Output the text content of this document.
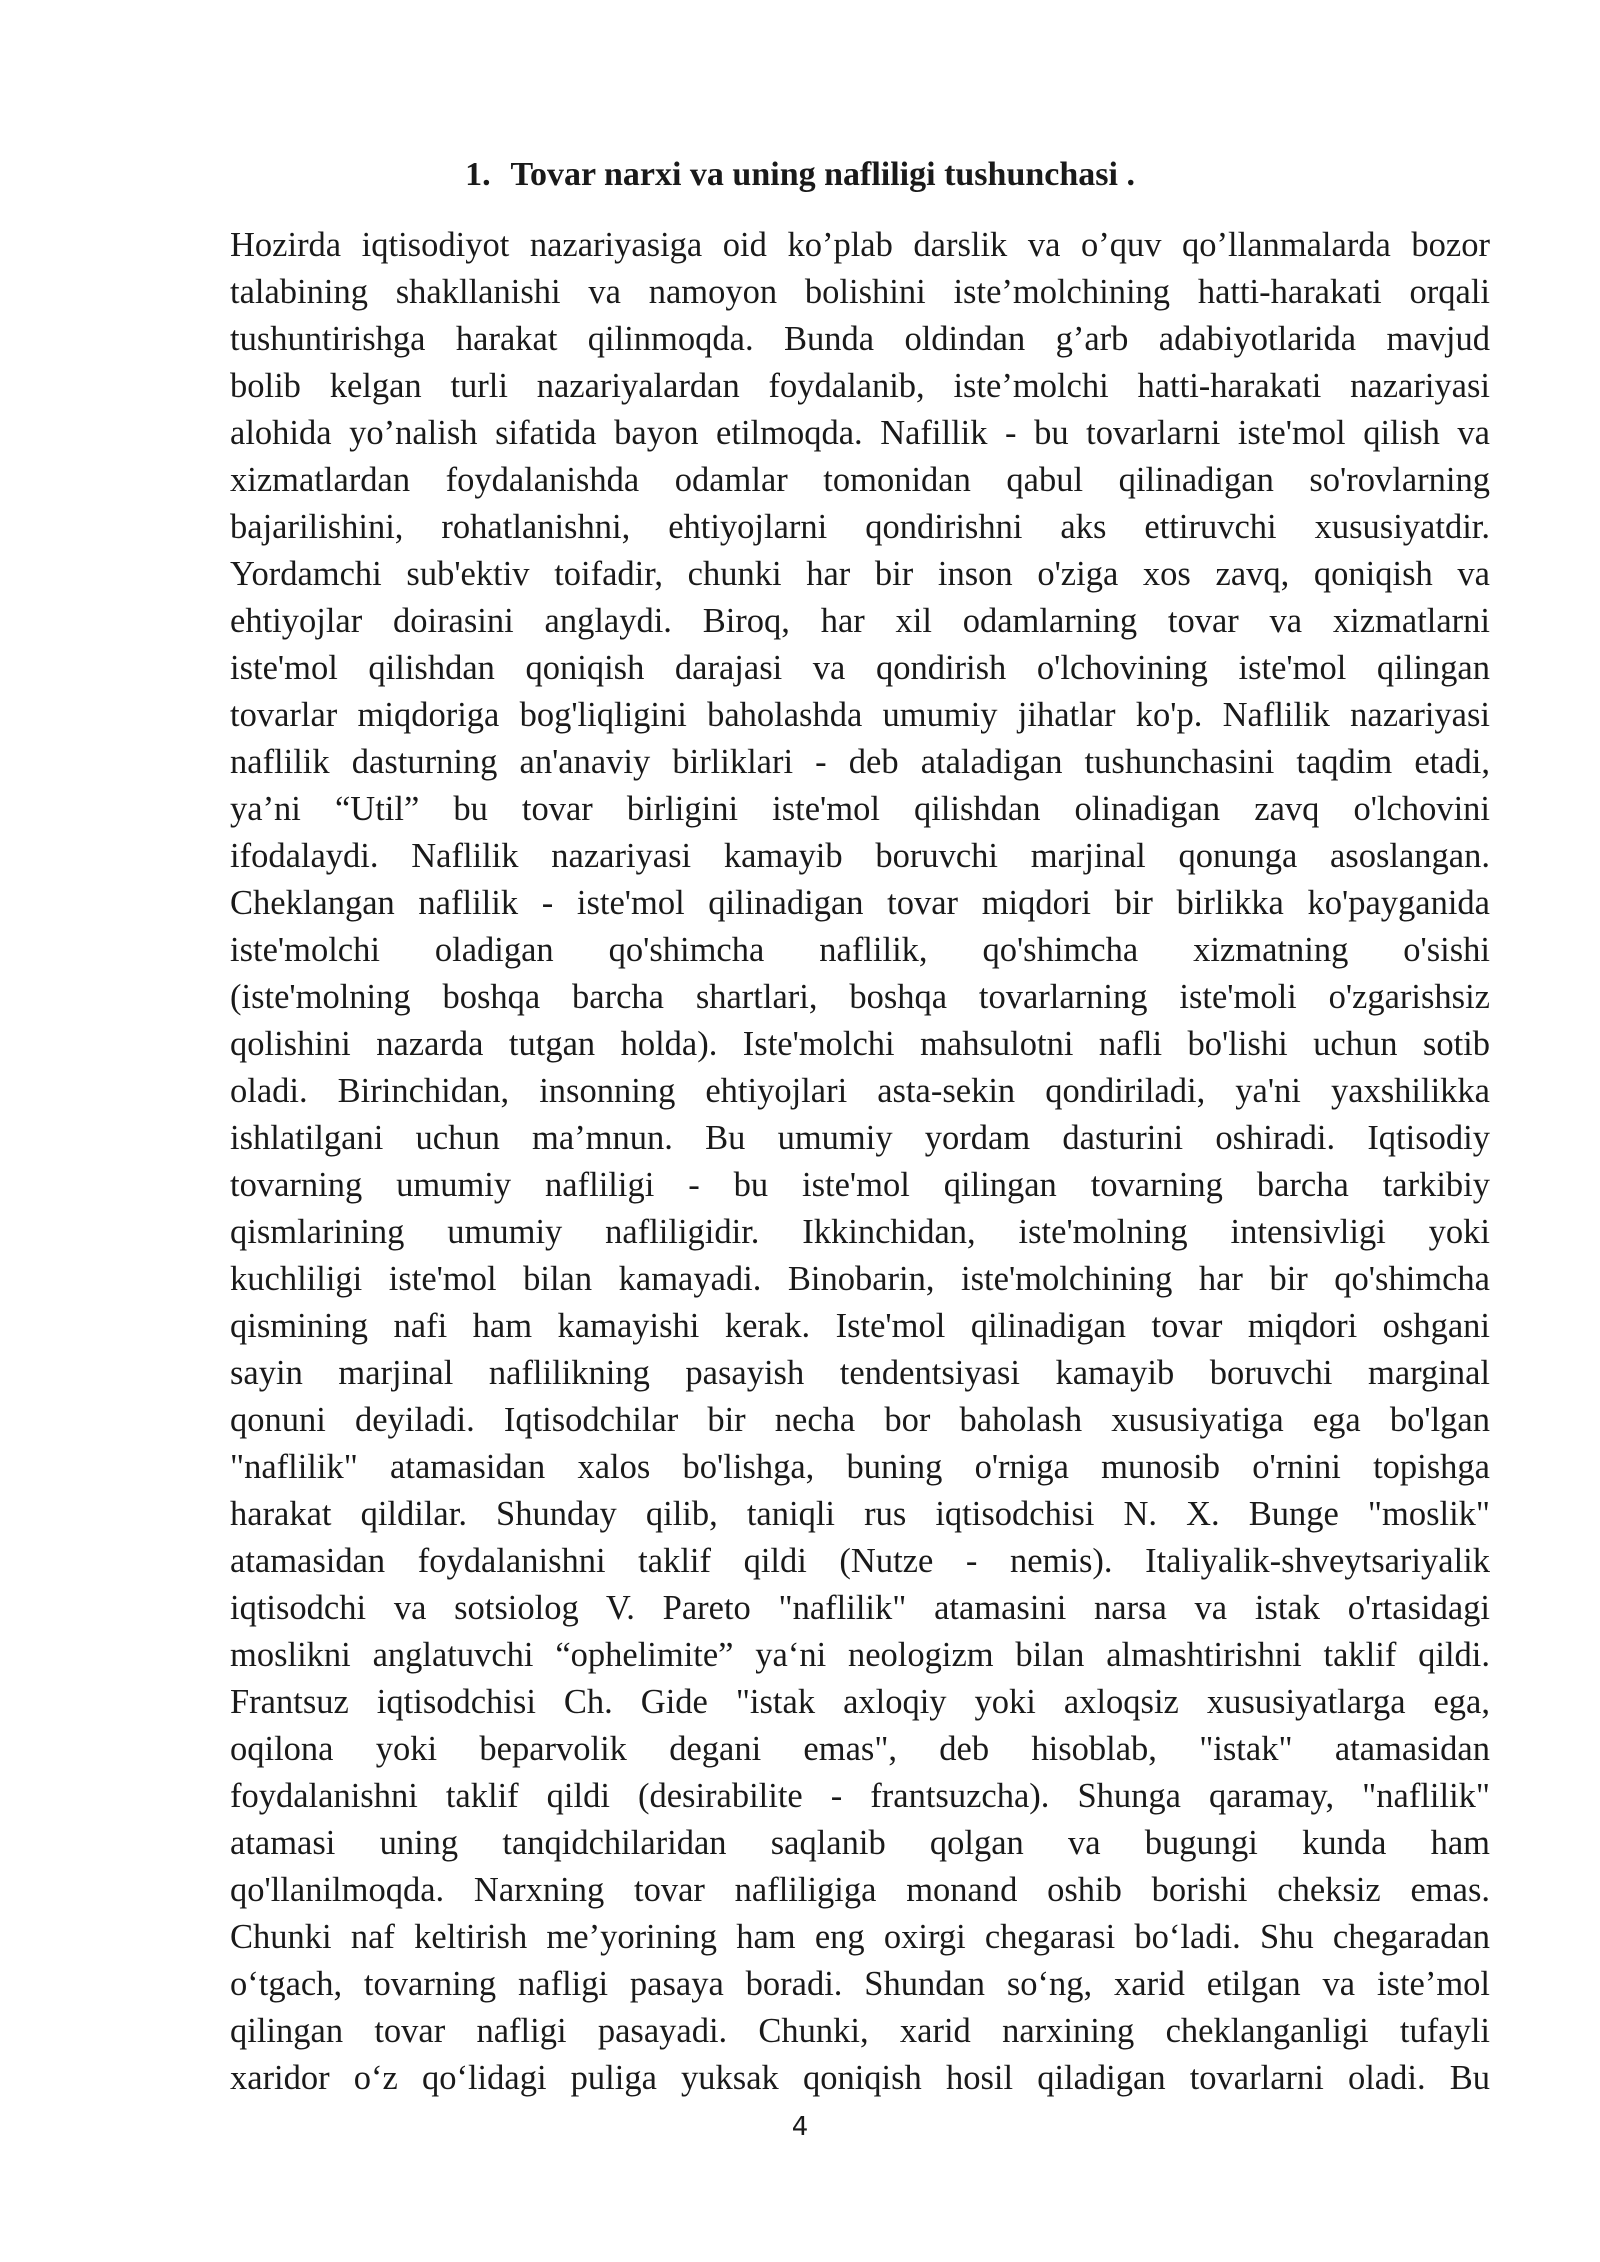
1. Tovar narxi va uning nafliligi tushunchasi .
Hozirda iqtisodiyot nazariyasiga oid ko’plab darslik va o’quv qo’llanmalarda bozor
talabining shakllanishi va namoyon bolishini iste’molchining hatti-harakati orqali
tushuntirishga harakat qilinmoqda. Bunda oldindan g’arb adabiyotlarida mavjud
bolib kelgan turli nazariyalardan foydalanib, iste’molchi hatti-harakati nazariyasi
alohida yo’nalish sifatida bayon etilmoqda. Nafillik - bu tovarlarni iste'mol qilish va
xizmatlardan foydalanishda odamlar tomonidan qabul qilinadigan so'rovlarning
bajarilishini, rohatlanishni, ehtiyojlarni qondirishni aks ettiruvchi xususiyatdir.
Yordamchi sub'ektiv toifadir, chunki har bir inson o'ziga xos zavq, qoniqish va
ehtiyojlar doirasini anglaydi. Biroq, har xil odamlarning tovar va xizmatlarni
iste'mol qilishdan qoniqish darajasi va qondirish o'lchovining iste'mol qilingan
tovarlar miqdoriga bog'liqligini baholashda umumiy jihatlar ko'p. Naflilik nazariyasi
naflilik dasturning an'anaviy birliklari - deb ataladigan tushunchasini taqdim etadi,
ya’ni “Util” bu tovar birligini iste'mol qilishdan olinadigan zavq o'lchovini
ifodalaydi. Naflilik nazariyasi kamayib boruvchi marjinal qonunga asoslangan.
Cheklangan naflilik - iste'mol qilinadigan tovar miqdori bir birlikka ko'payganida
iste'molchi oladigan qo'shimcha naflilik, qo'shimcha xizmatning o'sishi
(iste'molning boshqa barcha shartlari, boshqa tovarlarning iste'moli o'zgarishsiz
qolishini nazarda tutgan holda). Iste'molchi mahsulotni nafli bo'lishi uchun sotib
oladi. Birinchidan, insonning ehtiyojlari asta-sekin qondiriladi, ya'ni yaxshilikka
ishlatilgani uchun ma’mnun. Bu umumiy yordam dasturini oshiradi. Iqtisodiy
tovarning umumiy nafliligi - bu iste'mol qilingan tovarning barcha tarkibiy
qismlarining umumiy nafliligidir. Ikkinchidan, iste'molning intensivligi yoki
kuchliligi iste'mol bilan kamayadi. Binobarin, iste'molchining har bir qo'shimcha
qismining nafi ham kamayishi kerak. Iste'mol qilinadigan tovar miqdori oshgani
sayin marjinal naflilikning pasayish tendentsiyasi kamayib boruvchi marginal
qonuni deyiladi. Iqtisodchilar bir necha bor baholash xususiyatiga ega bo'lgan
"naflilik" atamasidan xalos bo'lishga, buning o'rniga munosib o'rnini topishga
harakat qildilar. Shunday qilib, taniqli rus iqtisodchisi N. X. Bunge "moslik"
atamasidan foydalanishni taklif qildi (Nutze - nemis). Italiyalik-shveytsariyalik
iqtisodchi va sotsiolog V. Pareto "naflilik" atamasini narsa va istak o'rtasidagi
moslikni anglatuvchi “ophelimite” ya‘ni neologizm bilan almashtirishni taklif qildi.
Frantsuz iqtisodchisi Ch. Gide "istak axloqiy yoki axloqsiz xususiyatlarga ega,
oqilona yoki beparvolik degani emas", deb hisoblab, "istak" atamasidan
foydalanishni taklif qildi (desirabilite - frantsuzcha). Shunga qaramay, "naflilik"
atamasi uning tanqidchilaridan saqlanib qolgan va bugungi kunda ham
qo'llanilmoqda. Narxning tovar nafliligiga monand oshib borishi cheksiz emas.
Chunki naf keltirish me’yorining ham eng oxirgi chegarasi bo‘ladi. Shu chegaradan
o‘tgach, tovarning nafligi pasaya boradi. Shundan so‘ng, xarid etilgan va iste’mol
qilingan tovar nafligi pasayadi. Chunki, xarid narxining cheklanganligi tufayli
xaridor o‘z qo‘lidagi puliga yuksak qoniqish hosil qiladigan tovarlarni oladi. Bu
4
